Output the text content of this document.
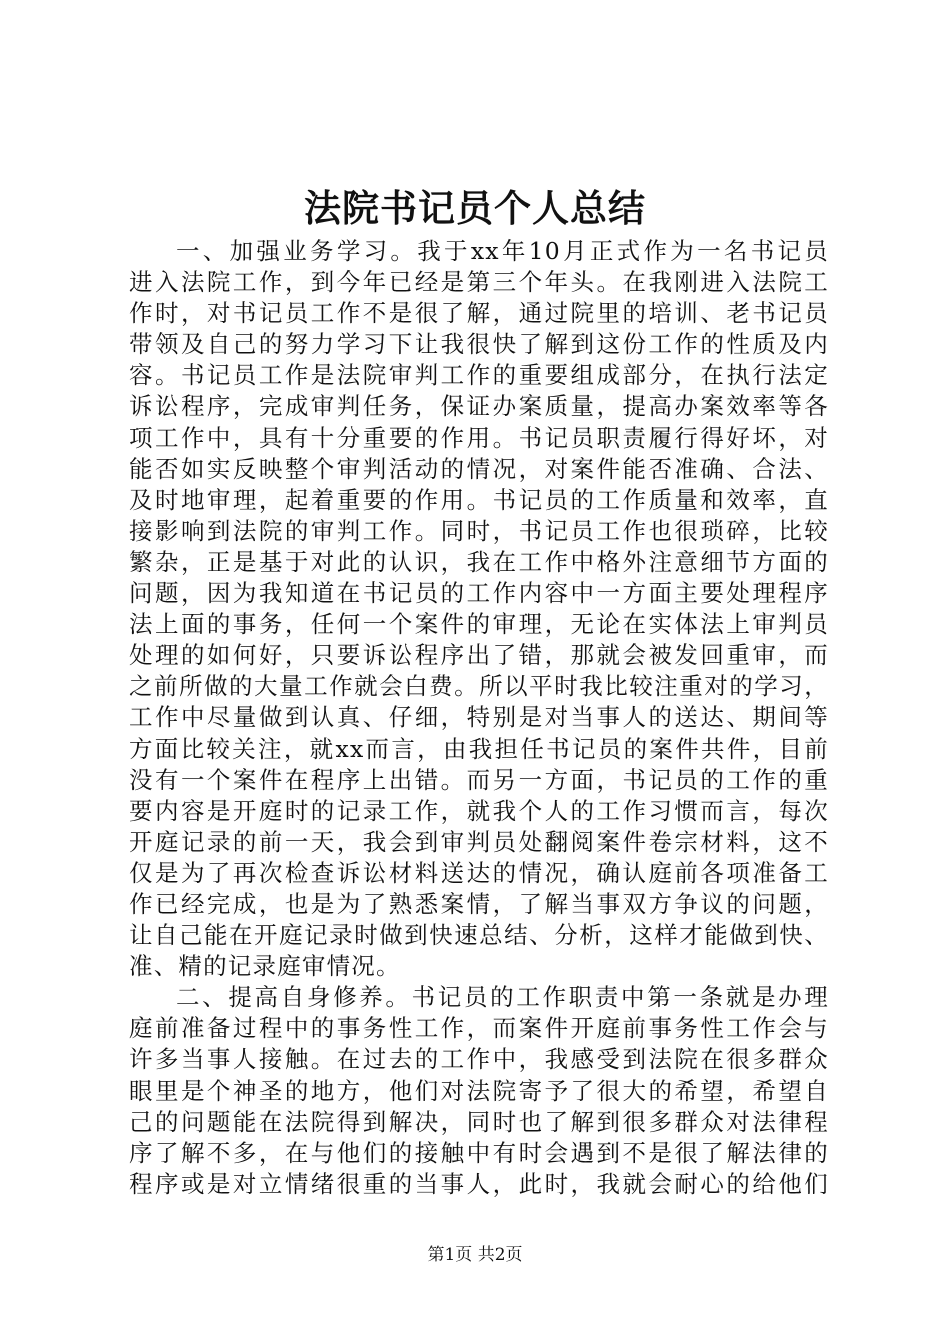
法院书记员个人总结
一、加强业务学习。我于xx年10月正式作为一名书记员
进入法院工作，到今年已经是第三个年头。在我刚进入法院工
作时，对书记员工作不是很了解，通过院里的培训、老书记员
带领及自己的努力学习下让我很快了解到这份工作的性质及内
容。书记员工作是法院审判工作的重要组成部分，在执行法定
诉讼程序，完成审判任务，保证办案质量，提高办案效率等各
项工作中，具有十分重要的作用。书记员职责履行得好坏，对
能否如实反映整个审判活动的情况，对案件能否准确、合法、
及时地审理，起着重要的作用。书记员的工作质量和效率，直
接影响到法院的审判工作。同时，书记员工作也很琐碎，比较
繁杂，正是基于对此的认识，我在工作中格外注意细节方面的
问题，因为我知道在书记员的工作内容中一方面主要处理程序
法上面的事务，任何一个案件的审理，无论在实体法上审判员
处理的如何好，只要诉讼程序出了错，那就会被发回重审，而
之前所做的大量工作就会白费。所以平时我比较注重对的学习，
工作中尽量做到认真、仔细，特别是对当事人的送达、期间等
方面比较关注，就xx而言，由我担任书记员的案件共件，目前
没有一个案件在程序上出错。而另一方面，书记员的工作的重
要内容是开庭时的记录工作，就我个人的工作习惯而言，每次
开庭记录的前一天，我会到审判员处翻阅案件卷宗材料，这不
仅是为了再次检查诉讼材料送达的情况，确认庭前各项准备工
作已经完成，也是为了熟悉案情，了解当事双方争议的问题，
让自己能在开庭记录时做到快速总结、分析，这样才能做到快、
准、精的记录庭审情况。
二、提高自身修养。书记员的工作职责中第一条就是办理
庭前准备过程中的事务性工作，而案件开庭前事务性工作会与
许多当事人接触。在过去的工作中，我感受到法院在很多群众
眼里是个神圣的地方，他们对法院寄予了很大的希望，希望自
己的问题能在法院得到解决，同时也了解到很多群众对法律程
序了解不多，在与他们的接触中有时会遇到不是很了解法律的
程序或是对立情绪很重的当事人，此时，我就会耐心的给他们
第1页 共2页
